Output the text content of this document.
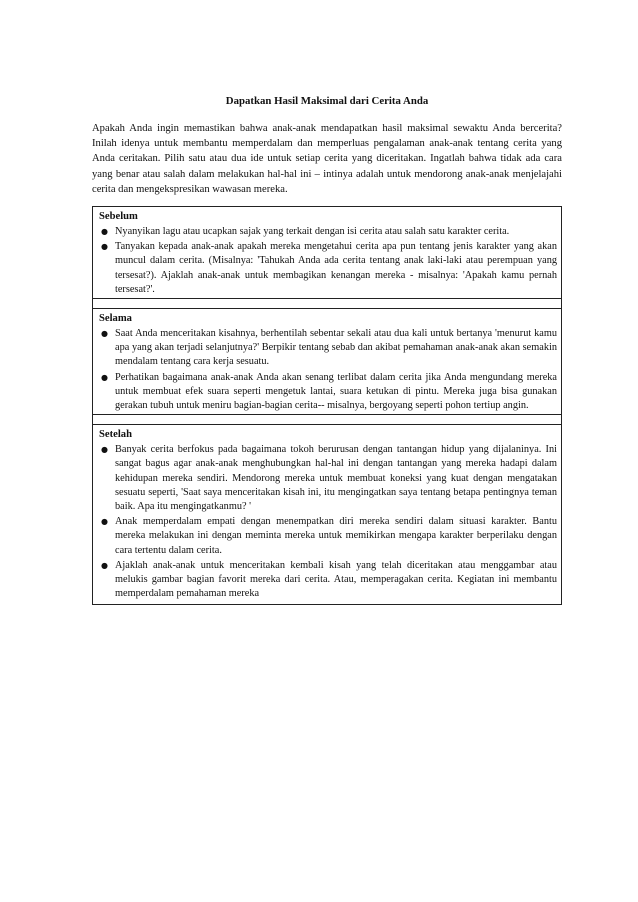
Dapatkan Hasil Maksimal dari Cerita Anda
Apakah Anda ingin memastikan bahwa anak-anak mendapatkan hasil maksimal sewaktu Anda bercerita? Inilah idenya untuk membantu memperdalam dan memperluas pengalaman anak-anak tentang cerita yang Anda ceritakan. Pilih satu atau dua ide untuk setiap cerita yang diceritakan. Ingatlah bahwa tidak ada cara yang benar atau salah dalam melakukan hal-hal ini – intinya adalah untuk mendorong anak-anak menjelajahi cerita dan mengekspresikan wawasan mereka.
Sebelum
● Nyanyikan lagu atau ucapkan sajak yang terkait dengan isi cerita atau salah satu karakter cerita.
● Tanyakan kepada anak-anak apakah mereka mengetahui cerita apa pun tentang jenis karakter yang akan muncul dalam cerita. (Misalnya: 'Tahukah Anda ada cerita tentang anak laki-laki atau perempuan yang tersesat?). Ajaklah anak-anak untuk membagikan kenangan mereka - misalnya: 'Apakah kamu pernah tersesat?'.
Selama
● Saat Anda menceritakan kisahnya, berhentilah sebentar sekali atau dua kali untuk bertanya 'menurut kamu apa yang akan terjadi selanjutnya?' Berpikir tentang sebab dan akibat pemahaman anak-anak akan semakin mendalam tentang cara kerja sesuatu.
● Perhatikan bagaimana anak-anak Anda akan senang terlibat dalam cerita jika Anda mengundang mereka untuk membuat efek suara seperti mengetuk lantai, suara ketukan di pintu. Mereka juga bisa gunakan gerakan tubuh untuk meniru bagian-bagian cerita-- misalnya, bergoyang seperti pohon tertiup angin.
Setelah
● Banyak cerita berfokus pada bagaimana tokoh berurusan dengan tantangan hidup yang dijalaninya. Ini sangat bagus agar anak-anak menghubungkan hal-hal ini dengan tantangan yang mereka hadapi dalam kehidupan mereka sendiri. Mendorong mereka untuk membuat koneksi yang kuat dengan mengatakan sesuatu seperti, 'Saat saya menceritakan kisah ini, itu mengingatkan saya tentang betapa pentingnya teman baik. Apa itu mengingatkanmu? '
● Anak memperdalam empati dengan menempatkan diri mereka sendiri dalam situasi karakter. Bantu mereka melakukan ini dengan meminta mereka untuk memikirkan mengapa karakter berperilaku dengan cara tertentu dalam cerita.
● Ajaklah anak-anak untuk menceritakan kembali kisah yang telah diceritakan atau menggambar atau melukis gambar bagian favorit mereka dari cerita. Atau, memperagakan cerita. Kegiatan ini membantu memperdalam pemahaman mereka
